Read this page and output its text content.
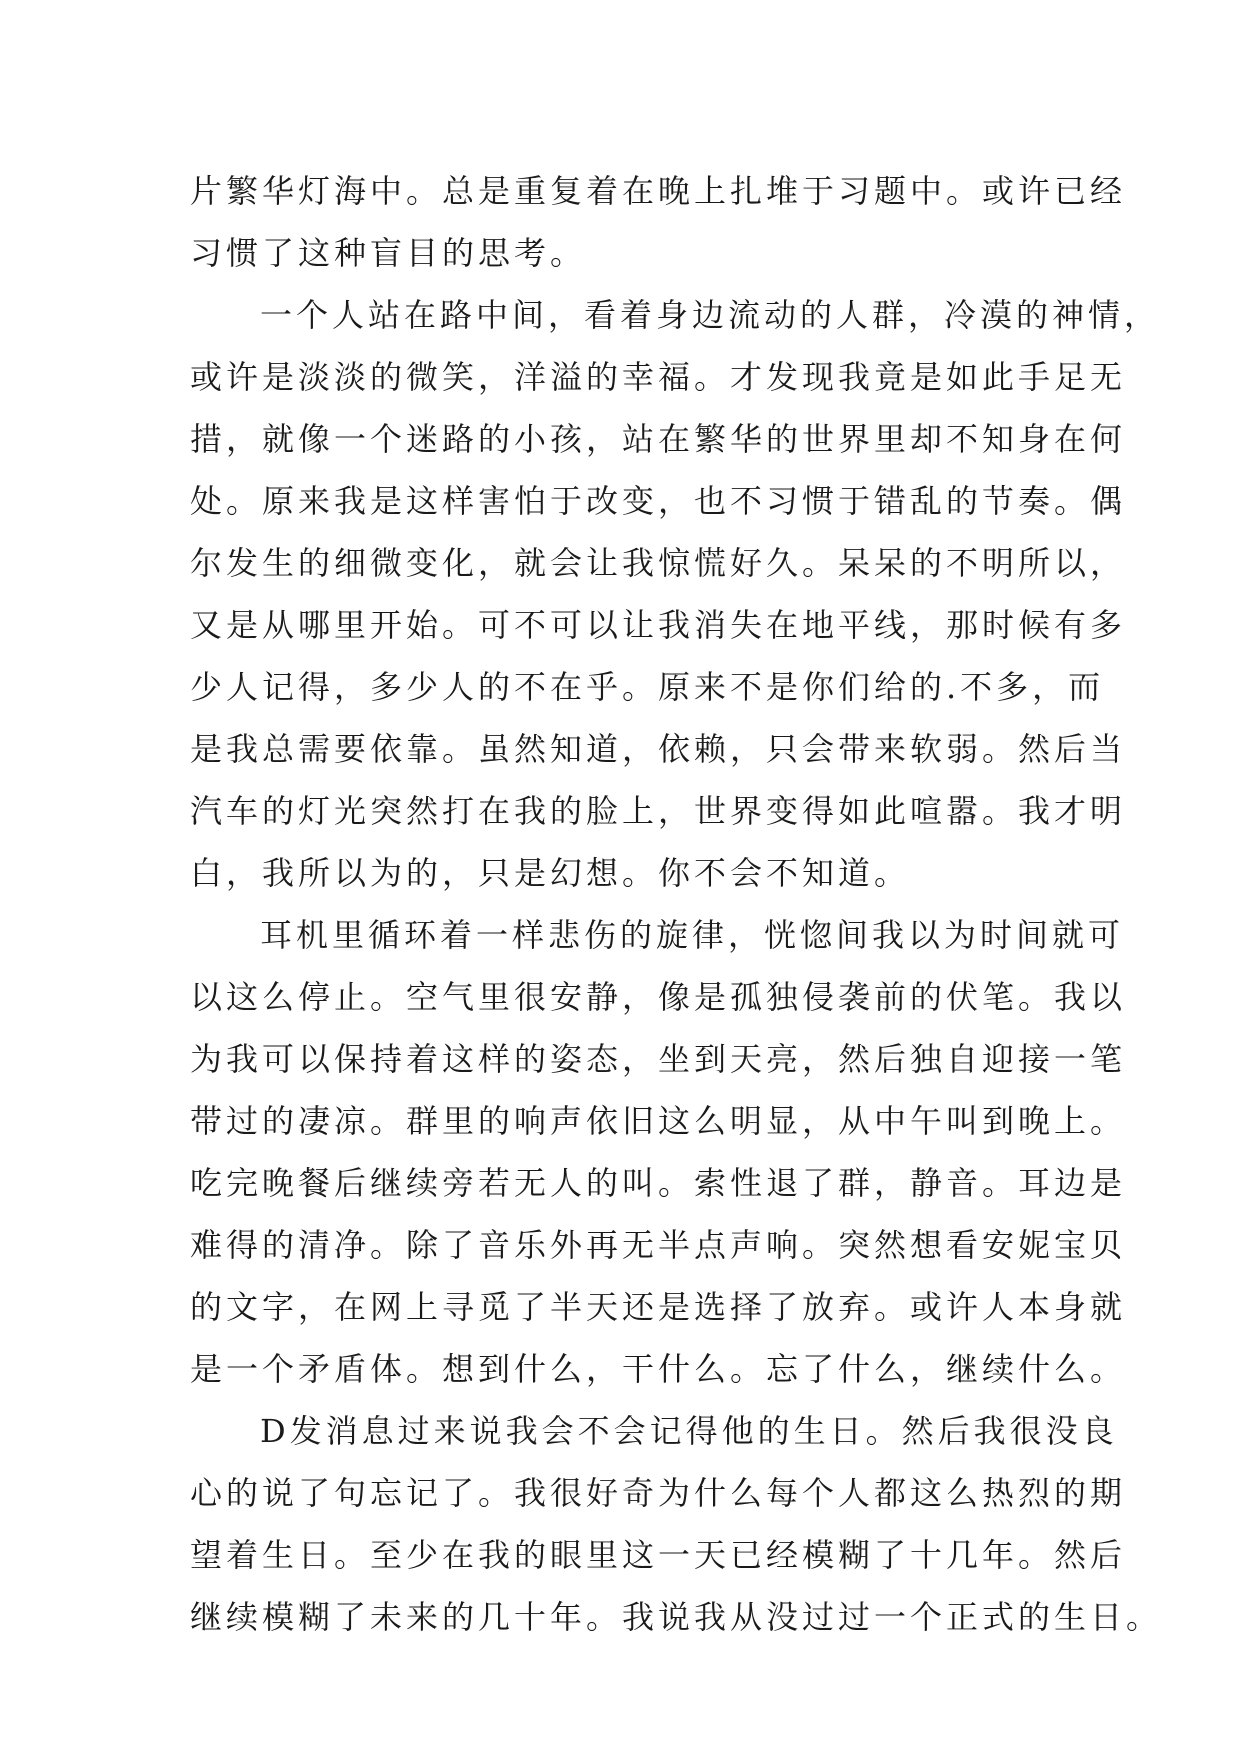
片繁华灯海中。总是重复着在晚上扎堆于习题中。或许已经

习惯了这种盲目的思考。

一个人站在路中间，看着身边流动的人群，冷漠的神情，

或许是淡淡的微笑，洋溢的幸福。才发现我竟是如此手足无

措，就像一个迷路的小孩，站在繁华的世界里却不知身在何

处。原来我是这样害怕于改变，也不习惯于错乱的节奏。偶

尔发生的细微变化，就会让我惊慌好久。呆呆的不明所以，

又是从哪里开始。可不可以让我消失在地平线，那时候有多

少人记得，多少人的不在乎。原来不是你们给的.不多，而

是我总需要依靠。虽然知道，依赖，只会带来软弱。然后当

汽车的灯光突然打在我的脸上，世界变得如此喧嚣。我才明

白，我所以为的，只是幻想。你不会不知道。

耳机里循环着一样悲伤的旋律，恍惚间我以为时间就可

以这么停止。空气里很安静，像是孤独侵袭前的伏笔。我以

为我可以保持着这样的姿态，坐到天亮，然后独自迎接一笔

带过的凄凉。群里的响声依旧这么明显，从中午叫到晚上。

吃完晚餐后继续旁若无人的叫。索性退了群，静音。耳边是

难得的清净。除了音乐外再无半点声响。突然想看安妮宝贝

的文字，在网上寻觅了半天还是选择了放弃。或许人本身就

是一个矛盾体。想到什么，干什么。忘了什么，继续什么。

D发消息过来说我会不会记得他的生日。然后我很没良

心的说了句忘记了。我很好奇为什么每个人都这么热烈的期

望着生日。至少在我的眼里这一天已经模糊了十几年。然后

继续模糊了未来的几十年。我说我从没过过一个正式的生日。
